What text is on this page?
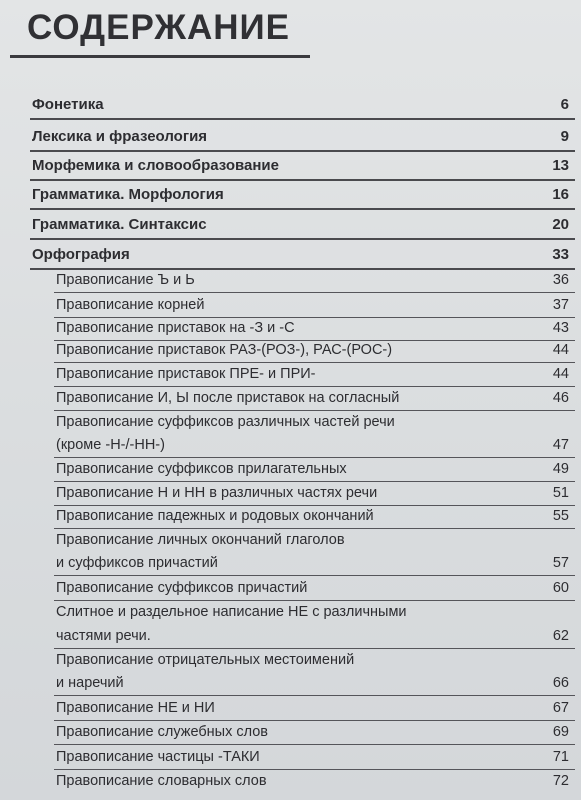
СОДЕРЖАНИЕ
Фонетика	6
Лексика и фразеология	9
Морфемика и словообразование	13
Грамматика. Морфология	16
Грамматика. Синтаксис	20
Орфография	33
Правописание Ъ и Ь	36
Правописание корней	37
Правописание приставок на -З и -С	43
Правописание приставок РАЗ-(РОЗ-), РАС-(РОС-)	44
Правописание приставок ПРЕ- и ПРИ-	44
Правописание И, Ы после приставок на согласный	46
Правописание суффиксов различных частей речи
(кроме -Н-/-НН-)	47
Правописание суффиксов прилагательных	49
Правописание Н и НН в различных частях речи	51
Правописание падежных и родовых окончаний	55
Правописание личных окончаний глаголов
и суффиксов причастий	57
Правописание суффиксов причастий	60
Слитное и раздельное написание НЕ с различными
частями речи.	62
Правописание отрицательных местоимений
и наречий	66
Правописание НЕ и НИ	67
Правописание служебных слов	69
Правописание частицы -ТАКИ	71
Правописание словарных слов	72
